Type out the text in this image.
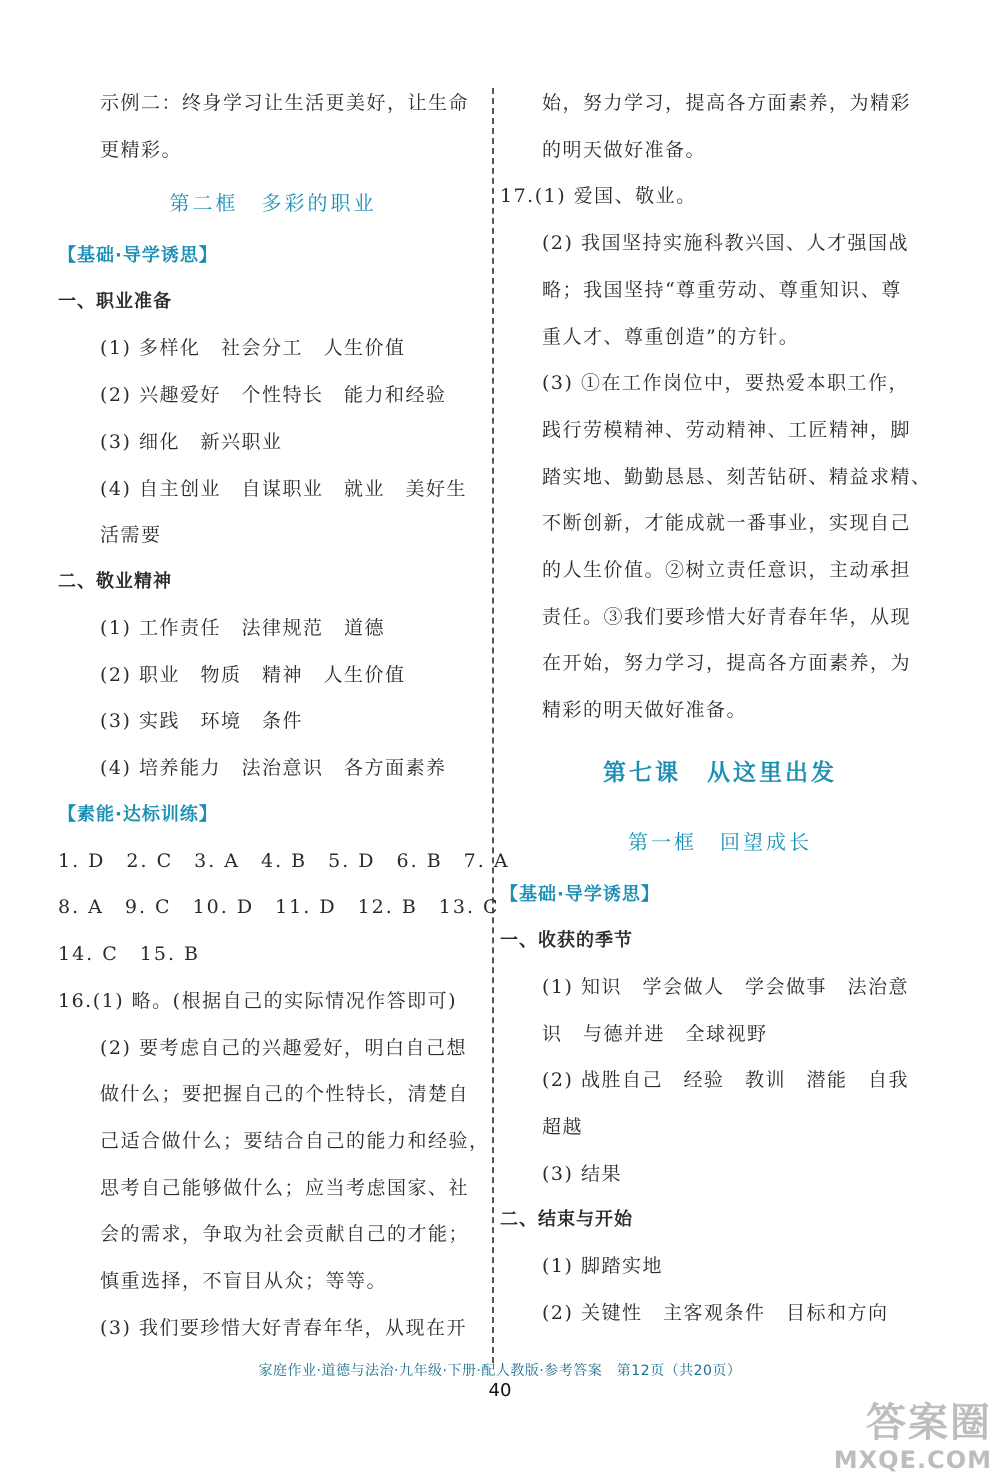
示例二：终身学习让生活更美好，让生命
更精彩。
第二框　多彩的职业
【基础·导学诱思】
一、职业准备
(1) 多样化　社会分工　人生价值
(2) 兴趣爱好　个性特长　能力和经验
(3) 细化　新兴职业
(4) 自主创业　自谋职业　就业　美好生
活需要
二、敬业精神
(1) 工作责任　法律规范　道德
(2) 职业　物质　精神　人生价值
(3) 实践　环境　条件
(4) 培养能力　法治意识　各方面素养
【素能·达标训练】
1. D　2. C　3. A　4. B　5. D　6. B　7. A
8. A　9. C　10. D　11. D　12. B　13. C
14. C　15. B
16.(1) 略。(根据自己的实际情况作答即可)
(2) 要考虑自己的兴趣爱好，明白自己想
做什么；要把握自己的个性特长，清楚自
己适合做什么；要结合自己的能力和经验，
思考自己能够做什么；应当考虑国家、社
会的需求，争取为社会贡献自己的才能；
慎重选择，不盲目从众；等等。
(3) 我们要珍惜大好青春年华，从现在开
始，努力学习，提高各方面素养，为精彩
的明天做好准备。
17.(1) 爱国、敬业。
(2) 我国坚持实施科教兴国、人才强国战
略；我国坚持“尊重劳动、尊重知识、尊
重人才、尊重创造”的方针。
(3) ①在工作岗位中，要热爱本职工作，
践行劳模精神、劳动精神、工匠精神，脚
踏实地、勤勤恳恳、刻苦钻研、精益求精、
不断创新，才能成就一番事业，实现自己
的人生价值。②树立责任意识，主动承担
责任。③我们要珍惜大好青春年华，从现
在开始，努力学习，提高各方面素养，为
精彩的明天做好准备。
第七课　从这里出发
第一框　回望成长
【基础·导学诱思】
一、收获的季节
(1) 知识　学会做人　学会做事　法治意
识　与德并进　全球视野
(2) 战胜自己　经验　教训　潜能　自我
超越
(3) 结果
二、结束与开始
(1) 脚踏实地
(2) 关键性　主客观条件　目标和方向
家庭作业·道德与法治·九年级·下册·配人教版·参考答案　第12页（共20页）
40
答案圈
MXQE.COM
